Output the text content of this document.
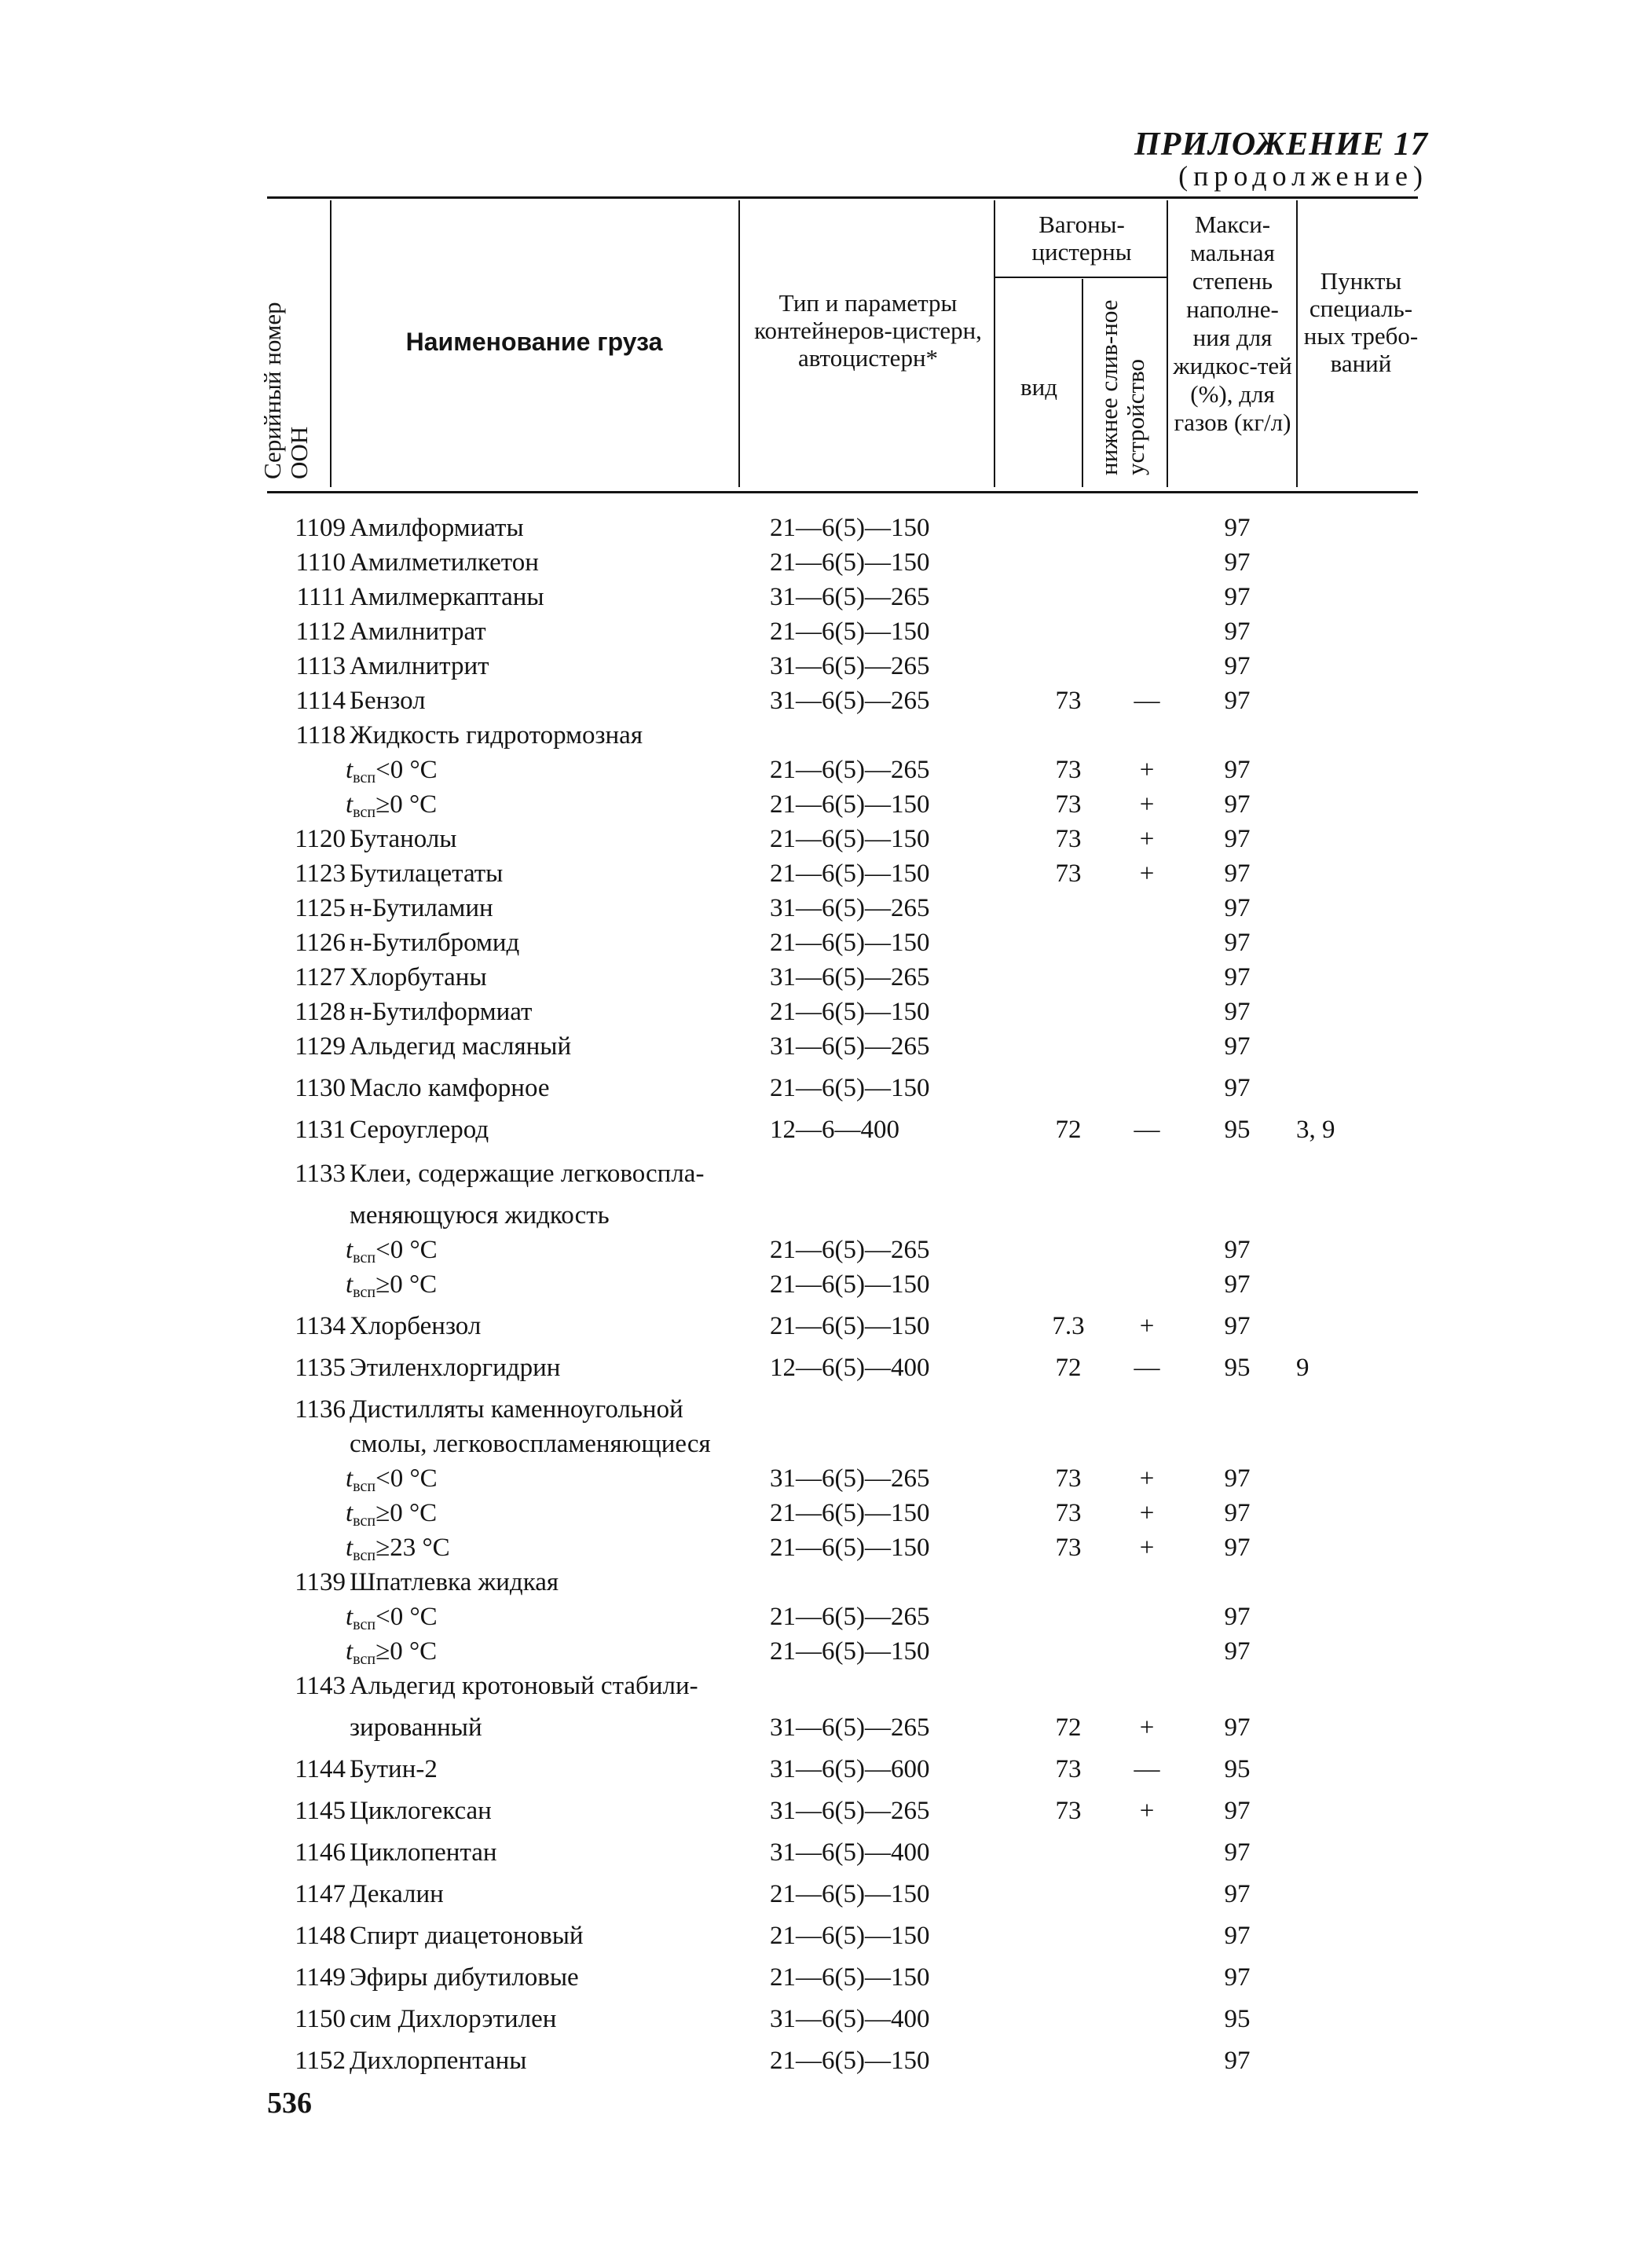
ПРИЛОЖЕНИЕ 17
(продолжение)
Серийный номер ООН
Наименование груза
Тип и параметры контейнеров-цистерн, автоцистерн*
Вагоны-цистерны
вид	нижнее слив-ное устройство
Макси-мальная степень наполне-ния для жидкос-тей (%), для газов (кг/л)
Пункты специаль-ных требо-ваний
1109 Амилформиаты	21—6(5)—150	97
1110 Амилметилкетон	21—6(5)—150	97
1111 Амилмеркаптаны	31—6(5)—265	97
1112 Амилнитрат	21—6(5)—150	97
1113 Амилнитрит	31—6(5)—265	97
1114 Бензол	31—6(5)—265	73	—	97
1118 Жидкость гидротормозная
$t_{всп}<0$ °C	21—6(5)—265	73	+	97
$t_{всп}\ge 0$ °C	21—6(5)—150	73	+	97
1120 Бутанолы	21—6(5)—150	73	+	97
1123 Бутилацетаты	21—6(5)—150	73	+	97
1125 н-Бутиламин	31—6(5)—265	97
1126 н-Бутилбромид	21—6(5)—150	97
1127 Хлорбутаны	31—6(5)—265	97
1128 н-Бутилформиат	21—6(5)—150	97
1129 Альдегид масляный	31—6(5)—265	97
1130 Масло камфорное	21—6(5)—150	97
1131 Сероуглерод	12—6—400	72	—	95	3, 9
1133 Клеи, содержащие легковоспла-
меняющуюся жидкость
$t_{всп}<0$ °C	21—6(5)—265	97
$t_{всп}\ge 0$ °C	21—6(5)—150	97
1134 Хлорбензол	21—6(5)—150	7.3	+	97
1135 Этиленхлоргидрин	12—6(5)—400	72	—	95	9
1136 Дистилляты каменноугольной
смолы, легковоспламеняющиеся
$t_{всп}<0$ °C	31—6(5)—265	73	+	97
$t_{всп}\ge 0$ °C	21—6(5)—150	73	+	97
$t_{всп}\ge 23$ °C	21—6(5)—150	73	+	97
1139 Шпатлевка жидкая
$t_{всп}<0$ °C	21—6(5)—265	97
$t_{всп}\ge 0$ °C	21—6(5)—150	97
1143 Альдегид кротоновый стабили-
зированный	31—6(5)—265	72	+	97
1144 Бутин-2	31—6(5)—600	73	—	95
1145 Циклогексан	31—6(5)—265	73	+	97
1146 Циклопентан	31—6(5)—400	97
1147 Декалин	21—6(5)—150	97
1148 Спирт диацетоновый	21—6(5)—150	97
1149 Эфиры дибутиловые	21—6(5)—150	97
1150 сим Дихлорэтилен	31—6(5)—400	95
1152 Дихлорпентаны	21—6(5)—150	97
536
